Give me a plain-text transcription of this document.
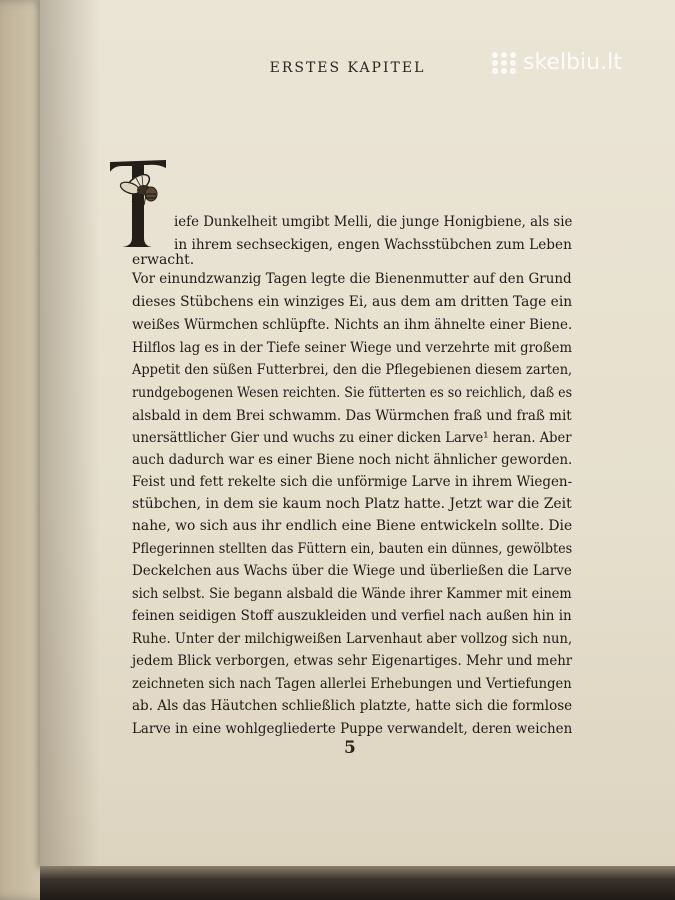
ERSTES KAPITEL	skelbiu.lt
iefe Dunkelheit umgibt Melli, die junge Honigbiene, als sie
in ihrem sechseckigen, engen Wachsstübchen zum Leben
erwacht.
Vor einundzwanzig Tagen legte die Bienenmutter auf den Grund
dieses Stübchens ein winziges Ei, aus dem am dritten Tage ein
weißes Würmchen schlüpfte. Nichts an ihm ähnelte einer Biene.
Hilflos lag es in der Tiefe seiner Wiege und verzehrte mit großem
Appetit den süßen Futterbrei, den die Pflegebienen diesem zarten,
rundgebogenen Wesen reichten. Sie fütterten es so reichlich, daß es
alsbald in dem Brei schwamm. Das Würmchen fraß und fraß mit
unersättlicher Gier und wuchs zu einer dicken Larve¹ heran. Aber
auch dadurch war es einer Biene noch nicht ähnlicher geworden.
Feist und fett rekelte sich die unförmige Larve in ihrem Wiegen-
stübchen, in dem sie kaum noch Platz hatte. Jetzt war die Zeit
nahe, wo sich aus ihr endlich eine Biene entwickeln sollte. Die
Pflegerinnen stellten das Füttern ein, bauten ein dünnes, gewölbtes
Deckelchen aus Wachs über die Wiege und überließen die Larve
sich selbst. Sie begann alsbald die Wände ihrer Kammer mit einem
feinen seidigen Stoff auszukleiden und verfiel nach außen hin in
Ruhe. Unter der milchigweißen Larvenhaut aber vollzog sich nun,
jedem Blick verborgen, etwas sehr Eigenartiges. Mehr und mehr
zeichneten sich nach Tagen allerlei Erhebungen und Vertiefungen
ab. Als das Häutchen schließlich platzte, hatte sich die formlose
Larve in eine wohlgegliederte Puppe verwandelt, deren weichen
5
